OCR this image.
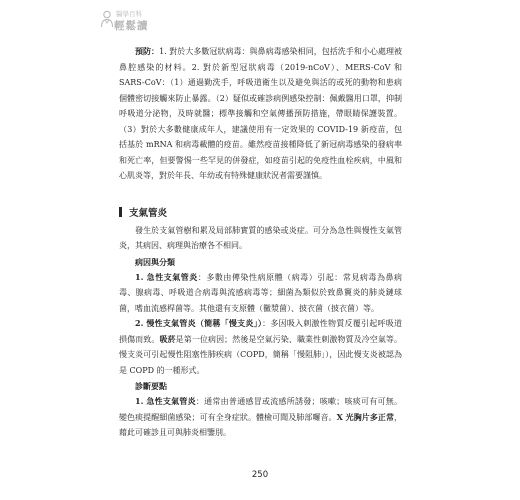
醫學百科
輕鬆讀

預防：1. 對於大多數冠狀病毒：與鼻病毒感染相同，包括洗手和小心處理被鼻腔感染的材料。2. 對於新型冠狀病毒（2019-nCoV）、MERS-CoV 和 SARS-CoV：（1）通過勤洗手，呼吸道衛生以及避免與活的或死的動物和患病個體密切接觸來防止暴露。（2）疑似或確診病例感染控制：佩戴醫用口罩，抑制呼吸道分泌物，及時就醫；標準接觸和空氣傳播預防措施，帶眼睛保護裝置。（3）對於大多數健康成年人，建議使用有一定效果的 COVID-19 新疫苗，包括基於 mRNA 和病毒載體的疫苗。雖然疫苗接種降低了新冠病毒感染的發病率和死亡率，但要警惕一些罕見的併發症，如疫苗引起的免疫性血栓疾病，中風和心肌炎等，對於年長、年幼或有特殊健康狀況者需要謹慎。

支氣管炎

發生於支氣管樹和累及局部肺實質的感染或炎症。可分為急性與慢性支氣管炎，其病因、病理與治療各不相同。

病因與分類

1. 急性支氣管炎：多數由傳染性病原體（病毒）引起：常見病毒為鼻病毒、腺病毒、呼吸道合病毒與流感病毒等；細菌為類似於致鼻竇炎的肺炎鏈球菌，嗜血流感桿菌等。其他還有支原體（黴漿菌）、披衣菌（披衣菌）等。

2. 慢性支氣管炎（簡稱「慢支炎」）：多因吸入刺激性物質反覆引起呼吸道損傷而致。吸菸是第一位病因；然後是空氣污染、職業性刺激物質及冷空氣等。慢支炎可引起慢性阻塞性肺疾病（COPD，簡稱「慢阻肺」），因此慢支炎被認為是 COPD 的一種形式。

診斷要點

1. 急性支氣管炎：通常由普通感冒或流感所誘發；咳嗽；咳痰可有可無。變色痰提醒細菌感染；可有全身症狀。體檢可聞及肺部囉音。X 光胸片多正常，藉此可確診且可與肺炎相鑒別。

250
